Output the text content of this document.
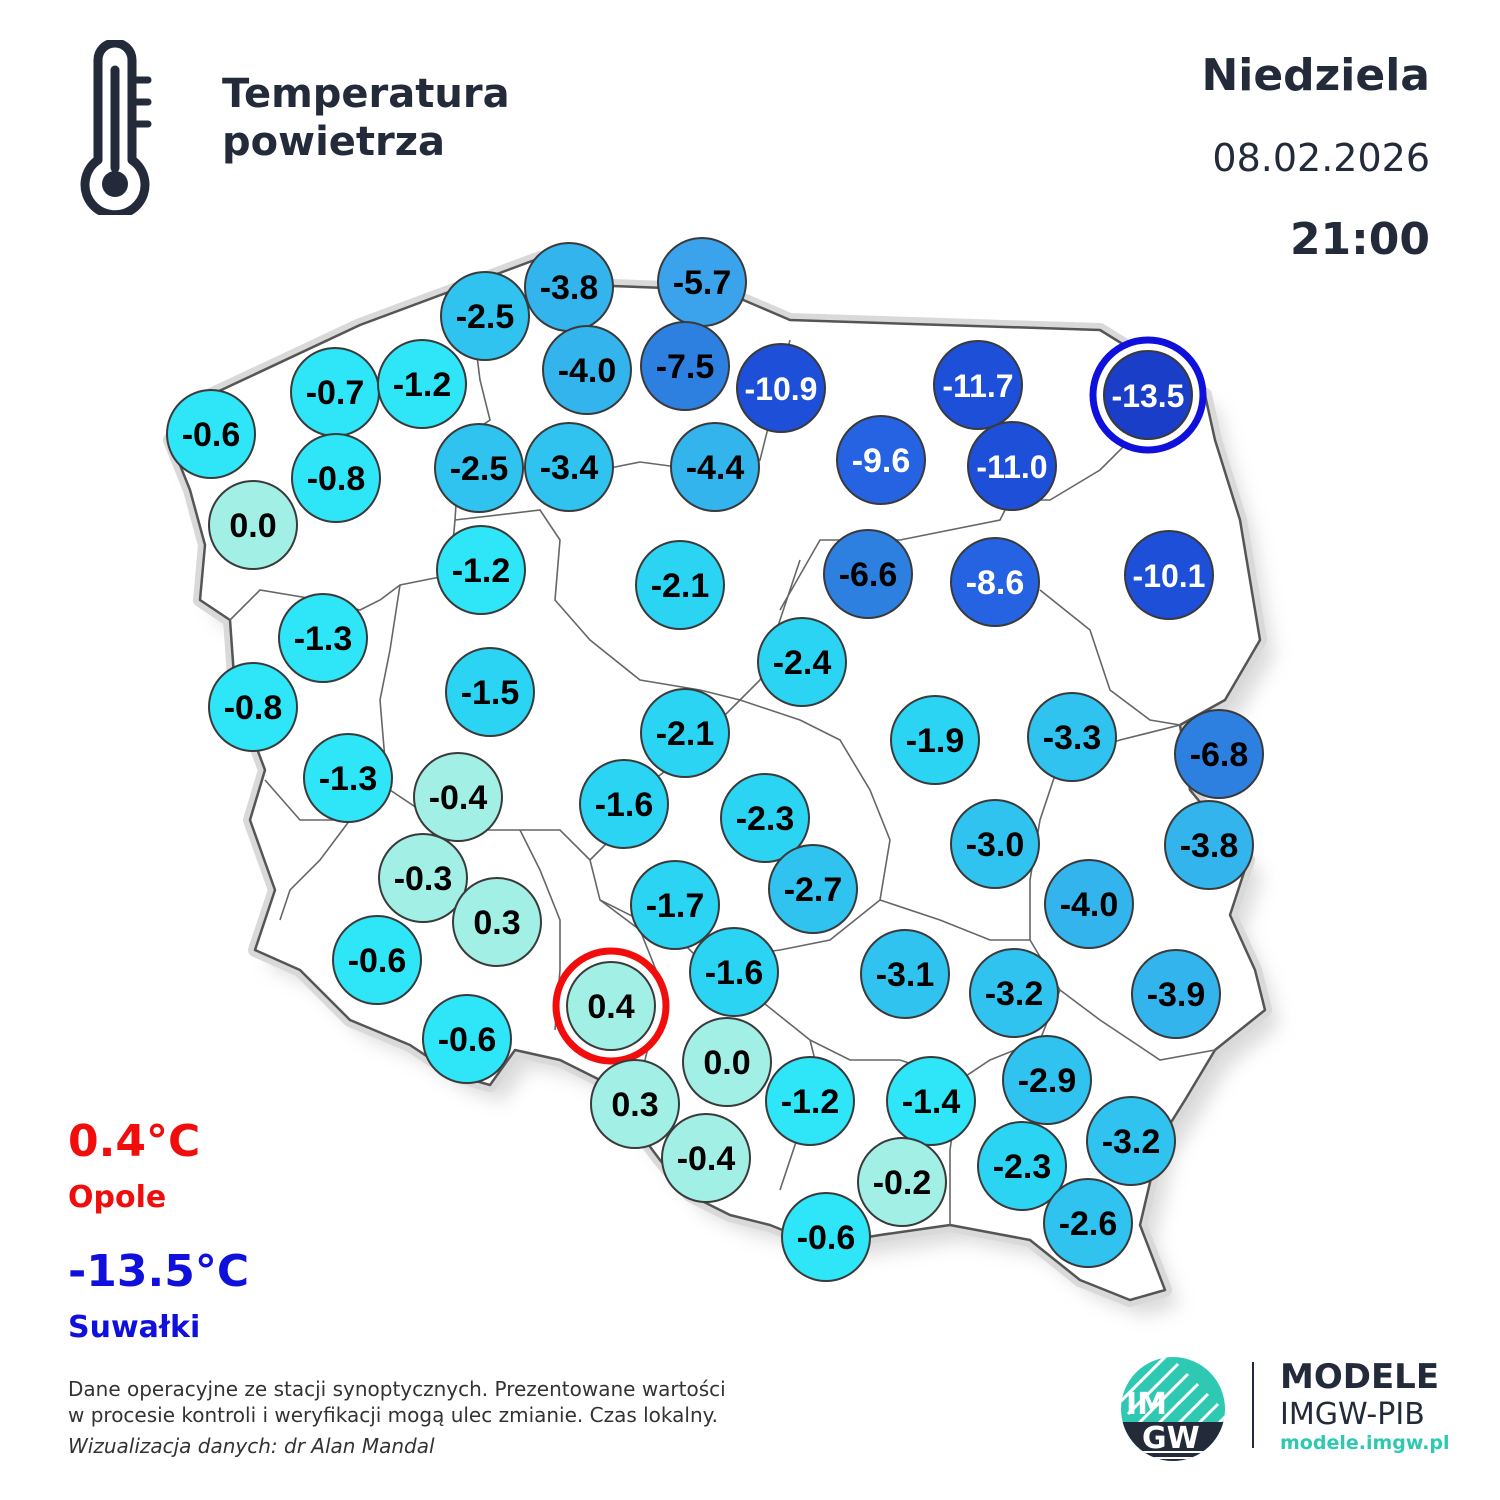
Temperatura
powietrza
Niedziela
08.02.2026
21:00
-0.6
-0.7 -1.2
-2.5
-3.8 -5.7
-4.0 -7.5
-10.9	-11.7	-13.5
-0.8
0.0
-2.5 -3.4	-4.4	-9.6 -11.0
-1.2	-2.1	-6.6 -8.6	-10.1
-1.3
-0.8	-1.5
-2.4
-2.1	-1.9 -3.3	-6.8
-1.3 -0.4	-1.6 -2.3
-3.0	-3.8
-0.3
0.3
-2.7
-1.7	-4.0
-0.6	-1.6	-3.1 -3.2	-3.9
0.4
-0.6
0.0
0.3	-1.2 -1.4
-2.9
-3.2
-0.4
-0.2 -2.3
-0.6	-2.6
0.4°C
Opole
-13.5°C
Suwałki
Dane operacyjne ze stacji synoptycznych. Prezentowane wartości
w procesie kontroli i weryfikacji mogą ulec zmianie. Czas lokalny.
Wizualizacja danych: dr Alan Mandal
IM
GW
MODELE
IMGW-PIB
modele.imgw.pl
